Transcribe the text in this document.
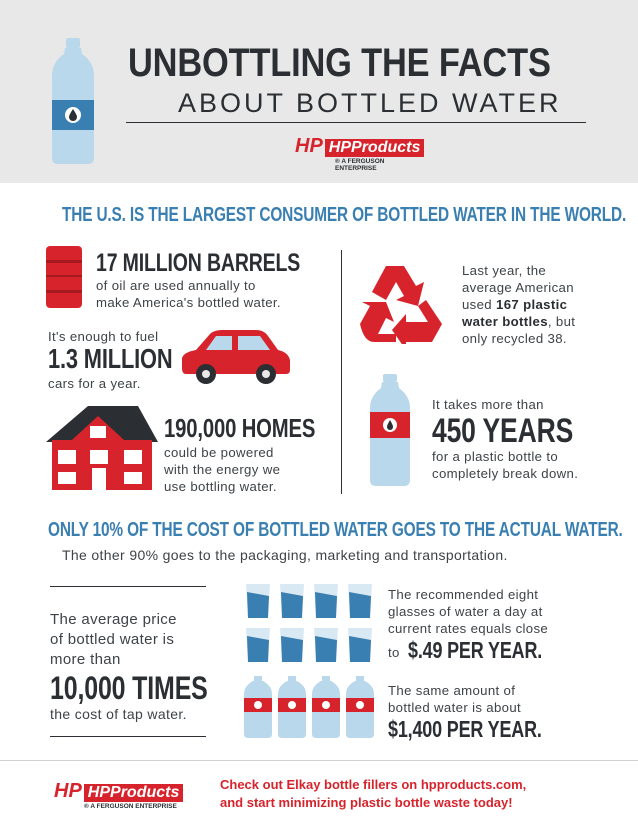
UNBOTTLING THE FACTS
ABOUT BOTTLED WATER
HP HPProducts
® A FERGUSON ENTERPRISE
THE U.S. IS THE LARGEST CONSUMER OF BOTTLED WATER IN THE WORLD.
17 MILLION BARRELS
of oil are used annually to
make America's bottled water.
It's enough to fuel
1.3 MILLION
cars for a year.
190,000 HOMES
could be powered
with the energy we
use bottling water.
Last year, the
average American
used 167 plastic
water bottles, but
only recycled 38.
It takes more than
450 YEARS
for a plastic bottle to
completely break down.
ONLY 10% OF THE COST OF BOTTLED WATER GOES TO THE ACTUAL WATER.
The other 90% goes to the packaging, marketing and transportation.
The average price
of bottled water is
more than
10,000 TIMES
the cost of tap water.
The recommended eight
glasses of water a day at
current rates equals close
to $.49 PER YEAR.
The same amount of
bottled water is about
$1,400 PER YEAR.
HP HPProducts
® A FERGUSON ENTERPRISE
Check out Elkay bottle fillers on hpproducts.com,
and start minimizing plastic bottle waste today!
